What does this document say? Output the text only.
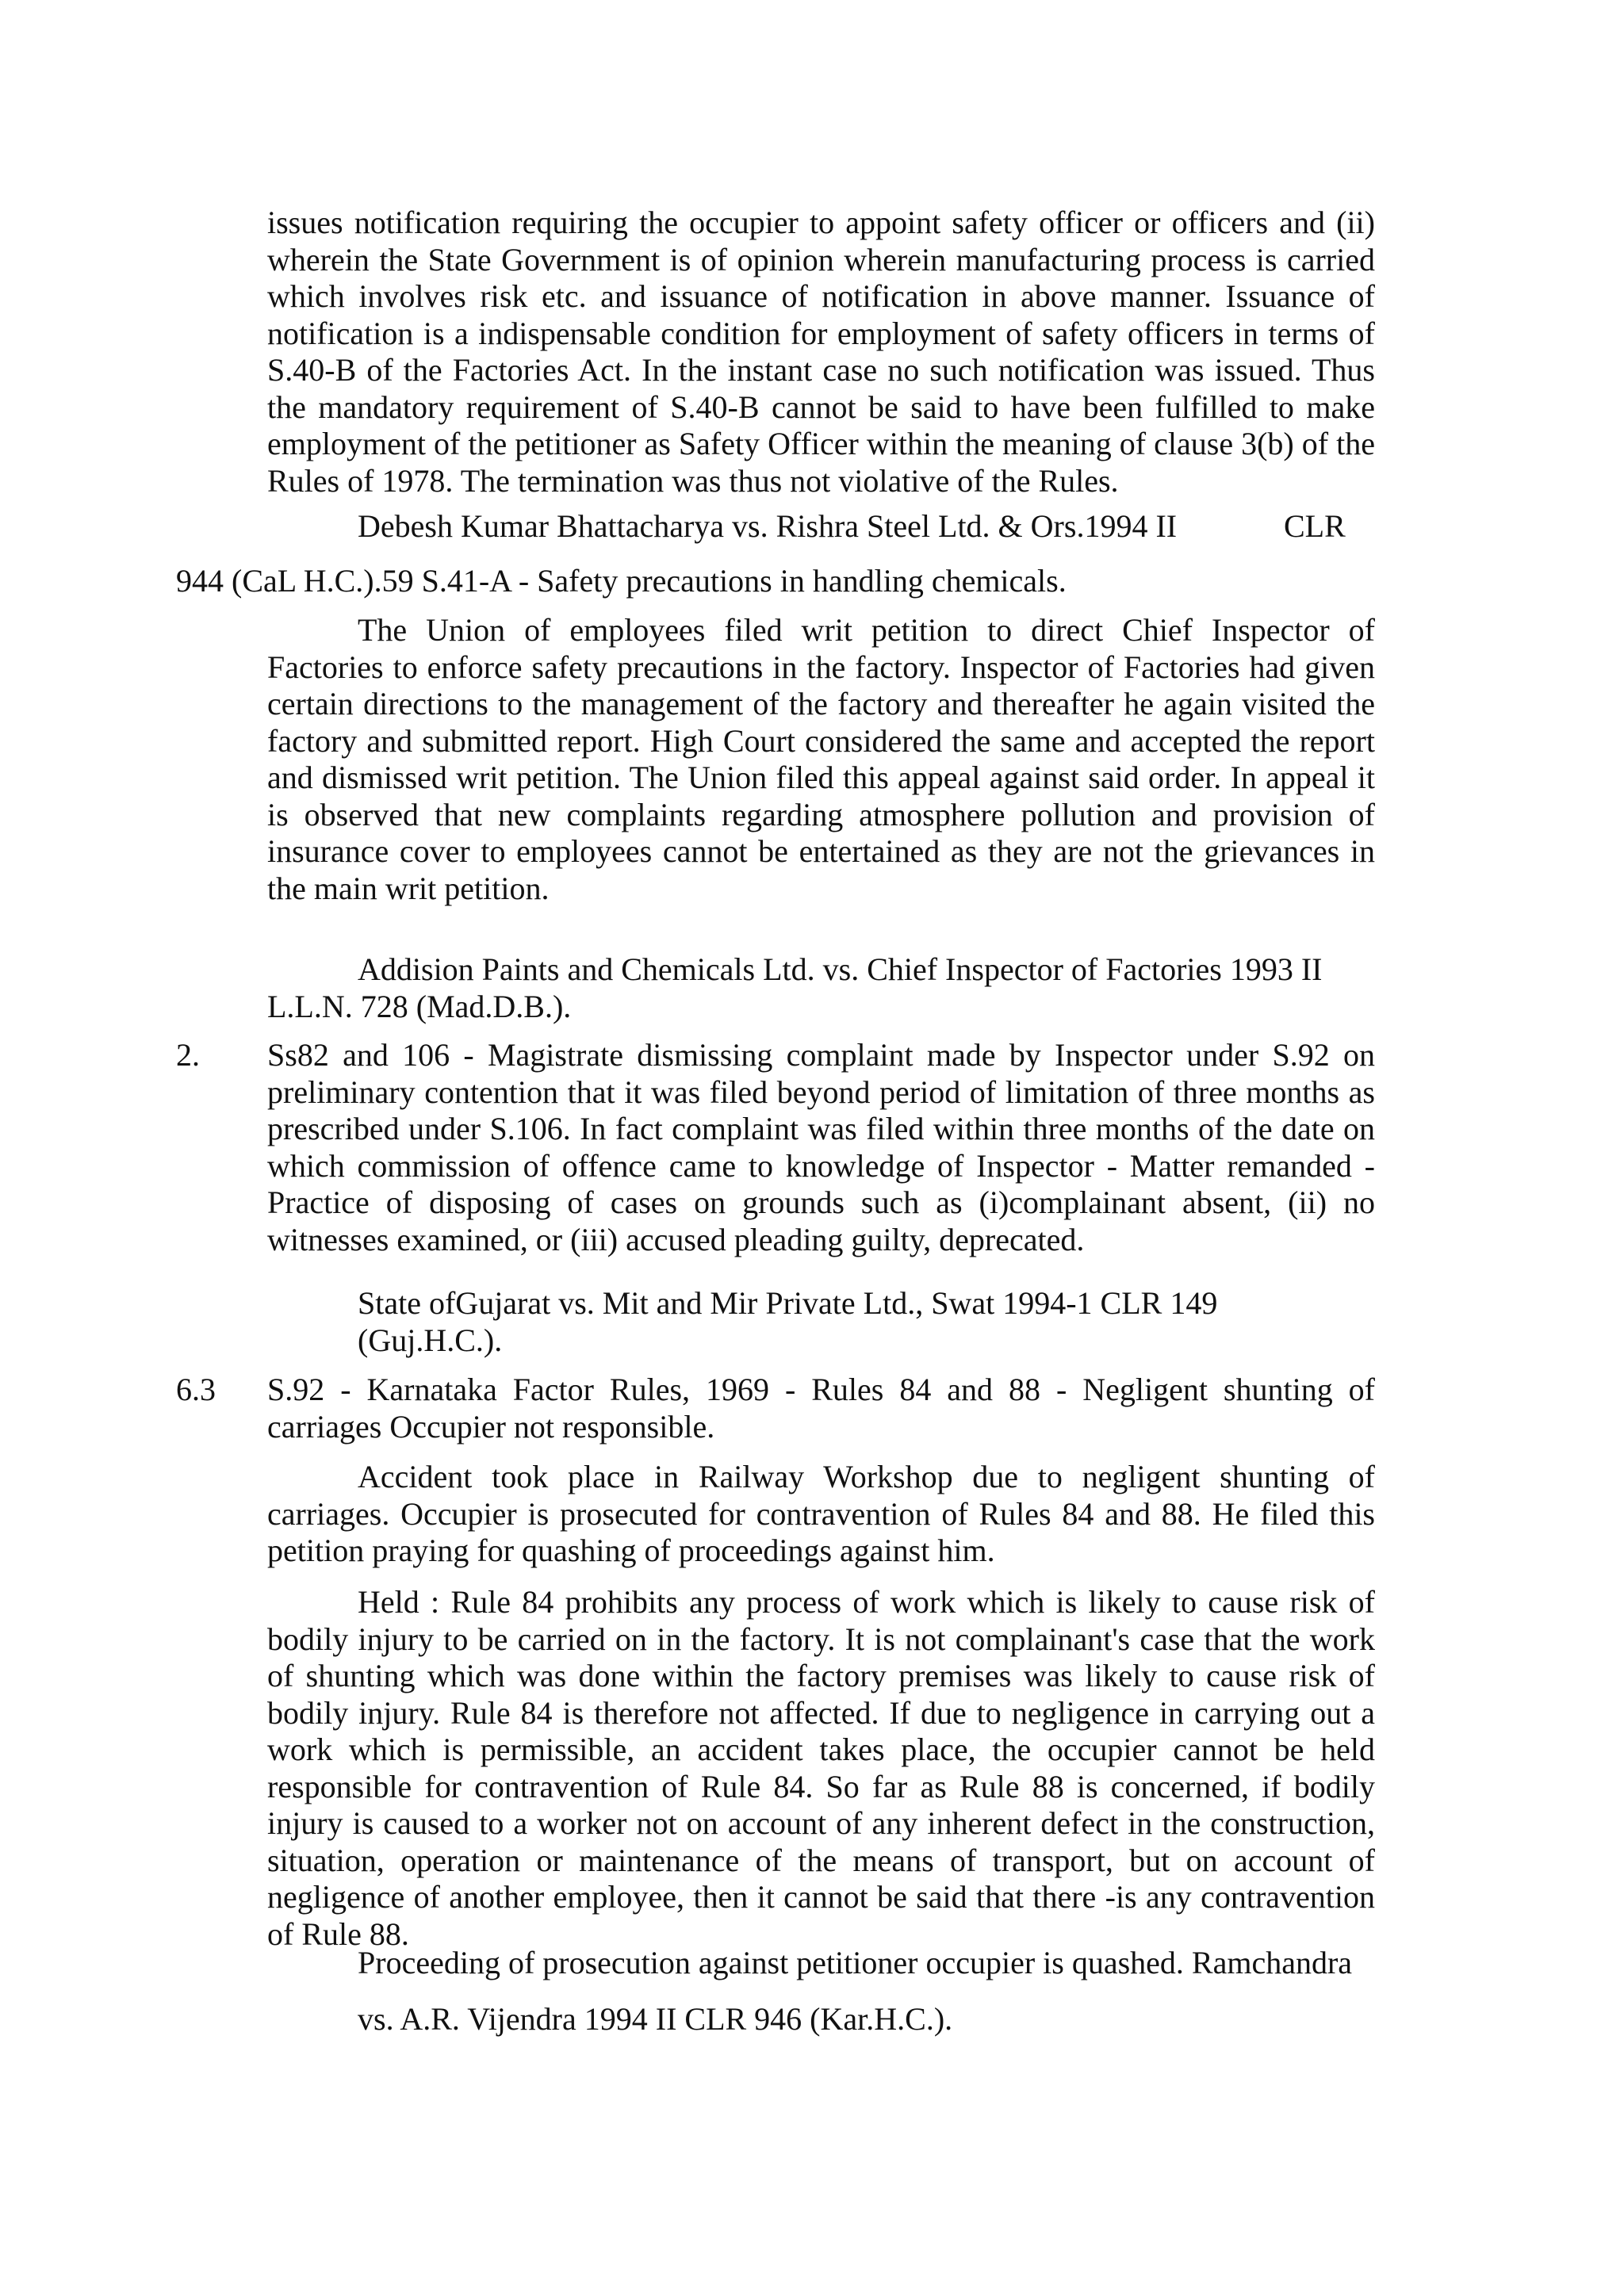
issues notification requiring the occupier to appoint safety officer or officers and (ii) wherein the State Government is of opinion wherein manufacturing process is carried which involves risk etc. and issuance of notification in above manner. Issuance of notification is a indispensable condition for employment of safety officers in terms of S.40-B of the Factories Act. In the instant case no such notification was issued. Thus the mandatory requirement of S.40-B cannot be said to have been fulfilled to make employment of the petitioner as Safety Officer within the meaning of clause 3(b) of the Rules of 1978. The termination was thus not violative of the Rules.

Debesh Kumar Bhattacharya vs. Rishra Steel Ltd. & Ors.1994 II	CLR

944 (CaL H.C.).59 S.41-A - Safety precautions in handling chemicals.

The Union of employees filed writ petition to direct Chief Inspector of Factories to enforce safety precautions in the factory. Inspector of Factories had given certain directions to the management of the factory and thereafter he again visited the factory and submitted report. High Court considered the same and accepted the report and dismissed writ petition. The Union filed this appeal against said order. In appeal it is observed that new complaints regarding atmosphere pollution and provision of insurance cover to employees cannot be entertained as they are not the grievances in the main writ petition.

Addision Paints and Chemicals Ltd. vs. Chief Inspector of Factories 1993 II

L.L.N. 728 (Mad.D.B.).

2. Ss82 and 106 - Magistrate dismissing complaint made by Inspector under S.92 on preliminary contention that it was filed beyond period of limitation of three months as prescribed under S.106. In fact complaint was filed within three months of the date on which commission of offence came to knowledge of Inspector - Matter remanded - Practice of disposing of cases on grounds such as (i)complainant absent, (ii) no witnesses examined, or (iii) accused pleading guilty, deprecated.

State ofGujarat vs. Mit and Mir Private Ltd., Swat 1994-1 CLR 149

(Guj.H.C.).

6.3 S.92 - Karnataka Factor Rules, 1969 - Rules 84 and 88 - Negligent shunting of carriages Occupier not responsible.

Accident took place in Railway Workshop due to negligent shunting of carriages. Occupier is prosecuted for contravention of Rules 84 and 88. He filed this petition praying for quashing of proceedings against him.

Held : Rule 84 prohibits any process of work which is likely to cause risk of bodily injury to be carried on in the factory. It is not complainant's case that the work of shunting which was done within the factory premises was likely to cause risk of bodily injury. Rule 84 is therefore not affected. If due to negligence in carrying out a work which is permissible, an accident takes place, the occupier cannot be held responsible for contravention of Rule 84. So far as Rule 88 is concerned, if bodily injury is caused to a worker not on account of any inherent defect in the construction, situation, operation or maintenance of the means of transport, but on account of negligence of another employee, then it cannot be said that there -is any contravention of Rule 88.

Proceeding of prosecution against petitioner occupier is quashed. Ramchandra

vs. A.R. Vijendra 1994 II CLR 946 (Kar.H.C.).
